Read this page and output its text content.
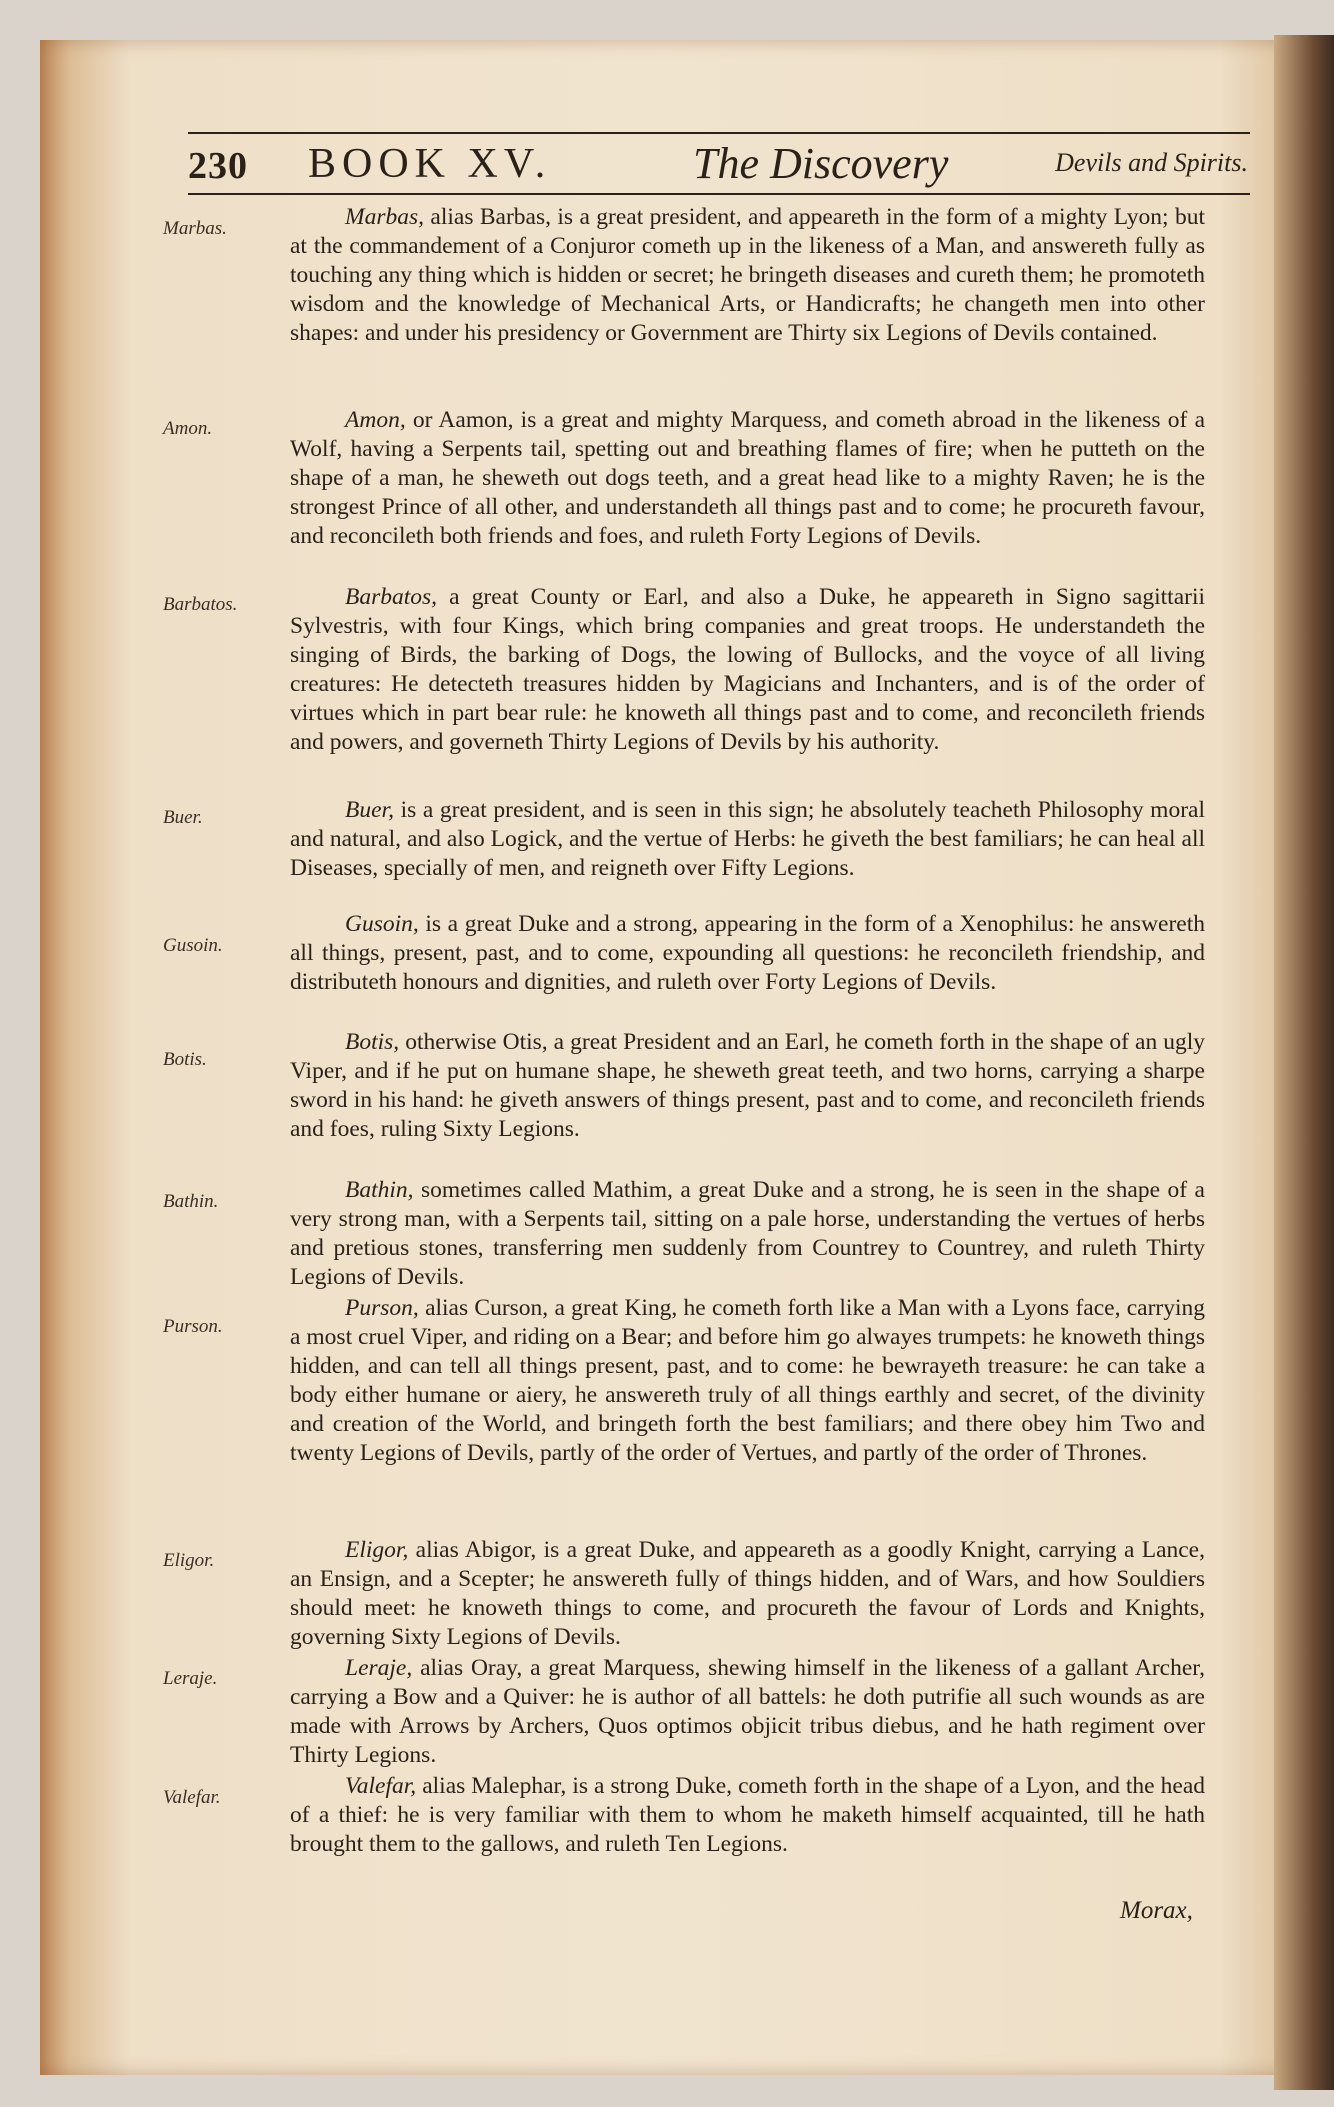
230 BOOK XV.	The Discovery	Devils and Spirits.
Marbas.
Amon.
Barbatos.
Buer.
Gusoin.
Botis.
Bathin.
Purson.
Eligor.
Leraje.
Valefar.
Marbas, alias Barbas, is a great president, and appeareth in the form of a mighty Lyon; but at the commandement of a Conjuror cometh up in the likeness of a Man, and answereth fully as touching any thing which is hidden or secret; he bringeth diseases and cureth them; he promoteth wisdom and the knowledge of Mechanical Arts, or Handicrafts; he changeth men into other shapes: and under his presidency or Government are Thirty six Legions of Devils contained.
Amon, or Aamon, is a great and mighty Marquess, and cometh abroad in the likeness of a Wolf, having a Serpents tail, spetting out and breathing flames of fire; when he putteth on the shape of a man, he sheweth out dogs teeth, and a great head like to a mighty Raven; he is the strongest Prince of all other, and understandeth all things past and to come; he procureth favour, and reconcileth both friends and foes, and ruleth Forty Legions of Devils.
Barbatos, a great County or Earl, and also a Duke, he appeareth in Signo sagittarii Sylvestris, with four Kings, which bring companies and great troops. He understandeth the singing of Birds, the barking of Dogs, the lowing of Bullocks, and the voyce of all living creatures: He detecteth treasures hidden by Magicians and Inchanters, and is of the order of virtues which in part bear rule: he knoweth all things past and to come, and reconcileth friends and powers, and governeth Thirty Legions of Devils by his authority.
Buer, is a great president, and is seen in this sign; he absolutely teacheth Philosophy moral and natural, and also Logick, and the vertue of Herbs: he giveth the best familiars; he can heal all Diseases, specially of men, and reigneth over Fifty Legions.
Gusoin, is a great Duke and a strong, appearing in the form of a Xenophilus: he answereth all things, present, past, and to come, expounding all questions: he reconcileth friendship, and distributeth honours and dignities, and ruleth over Forty Legions of Devils.
Botis, otherwise Otis, a great President and an Earl, he cometh forth in the shape of an ugly Viper, and if he put on humane shape, he sheweth great teeth, and two horns, carrying a sharpe sword in his hand: he giveth answers of things present, past and to come, and reconcileth friends and foes, ruling Sixty Legions.
Bathin, sometimes called Mathim, a great Duke and a strong, he is seen in the shape of a very strong man, with a Serpents tail, sitting on a pale horse, understanding the vertues of herbs and pretious stones, transferring men suddenly from Countrey to Countrey, and ruleth Thirty Legions of Devils.
Purson, alias Curson, a great King, he cometh forth like a Man with a Lyons face, carrying a most cruel Viper, and riding on a Bear; and before him go alwayes trumpets: he knoweth things hidden, and can tell all things present, past, and to come: he bewrayeth treasure: he can take a body either humane or aiery, he answereth truly of all things earthly and secret, of the divinity and creation of the World, and bringeth forth the best familiars; and there obey him Two and twenty Legions of Devils, partly of the order of Vertues, and partly of the order of Thrones.
Eligor, alias Abigor, is a great Duke, and appeareth as a goodly Knight, carrying a Lance, an Ensign, and a Scepter; he answereth fully of things hidden, and of Wars, and how Souldiers should meet: he knoweth things to come, and procureth the favour of Lords and Knights, governing Sixty Legions of Devils.
Leraje, alias Oray, a great Marquess, shewing himself in the likeness of a gallant Archer, carrying a Bow and a Quiver: he is author of all battels: he doth putrifie all such wounds as are made with Arrows by Archers, Quos optimos objicit tribus diebus, and he hath regiment over Thirty Legions.
Valefar, alias Malephar, is a strong Duke, cometh forth in the shape of a Lyon, and the head of a thief: he is very familiar with them to whom he maketh himself acquainted, till he hath brought them to the gallows, and ruleth Ten Legions.
Morax,
